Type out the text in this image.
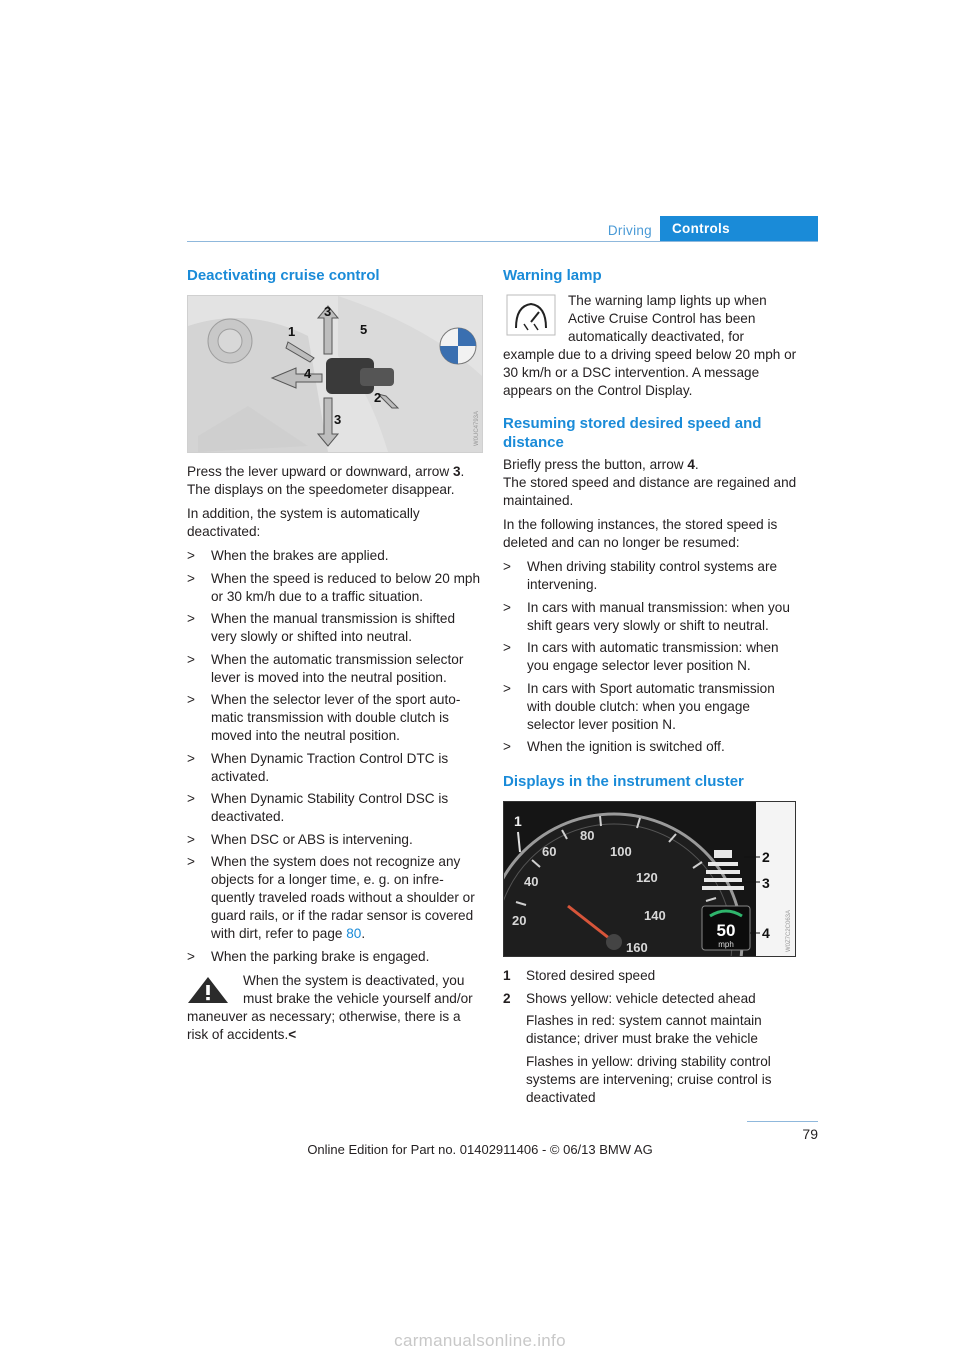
Driving	Controls
Deactivating cruise control
1
2
3
4
5
3	W0UC4793A

Press the lever upward or downward, arrow 3. The displays on the speedometer disappear.

In addition, the system is automatically deactivated:

> When the brakes are applied.
> When the speed is reduced to below 20 mph or 30 km/h due to a traffic situation.
> When the manual transmission is shifted very slowly or shifted into neutral.
> When the automatic transmission selector lever is moved into the neutral position.
> When the selector lever of the sport auto-matic transmission with double clutch is moved into the neutral position.
> When Dynamic Traction Control DTC is activated.
> When Dynamic Stability Control DSC is deactivated.
> When DSC or ABS is intervening.
> When the system does not recognize any objects for a longer time, e. g. on infre-quently traveled roads without a shoulder or guard rails, or if the radar sensor is covered with dirt, refer to page 80.
> When the parking brake is engaged.
When the system is deactivated, you must brake the vehicle yourself and/or maneuver as necessary; otherwise, there is a risk of accidents.<
Warning lamp
The warning lamp lights up when Active Cruise Control has been automatically deactivated, for example due to a driving speed below 20 mph or 30 km/h or a DSC intervention. A message appears on the Control Display.
Resuming stored desired speed and distance

Briefly press the button, arrow 4.

The stored speed and distance are regained and maintained.

In the following instances, the stored speed is deleted and can no longer be resumed:

> When driving stability control systems are intervening.
> In cars with manual transmission: when you shift gears very slowly or shift to neutral.
> In cars with automatic transmission: when you engage selector lever position N.
> In cars with Sport automatic transmission with double clutch: when you engage selector lever position N.
> When the ignition is switched off.
Displays in the instrument cluster
20
40
60
80
100
120
140
160
50
mph
1
2
3
4	W0Z7C2C063A
1 Stored desired speed
2 Shows yellow: vehicle detected ahead
Flashes in red: system cannot maintain distance; driver must brake the vehicle
Flashes in yellow: driving stability control systems are intervening; cruise control is deactivated
79
Online Edition for Part no. 01402911406 - © 06/13 BMW AG
carmanualsonline.info
